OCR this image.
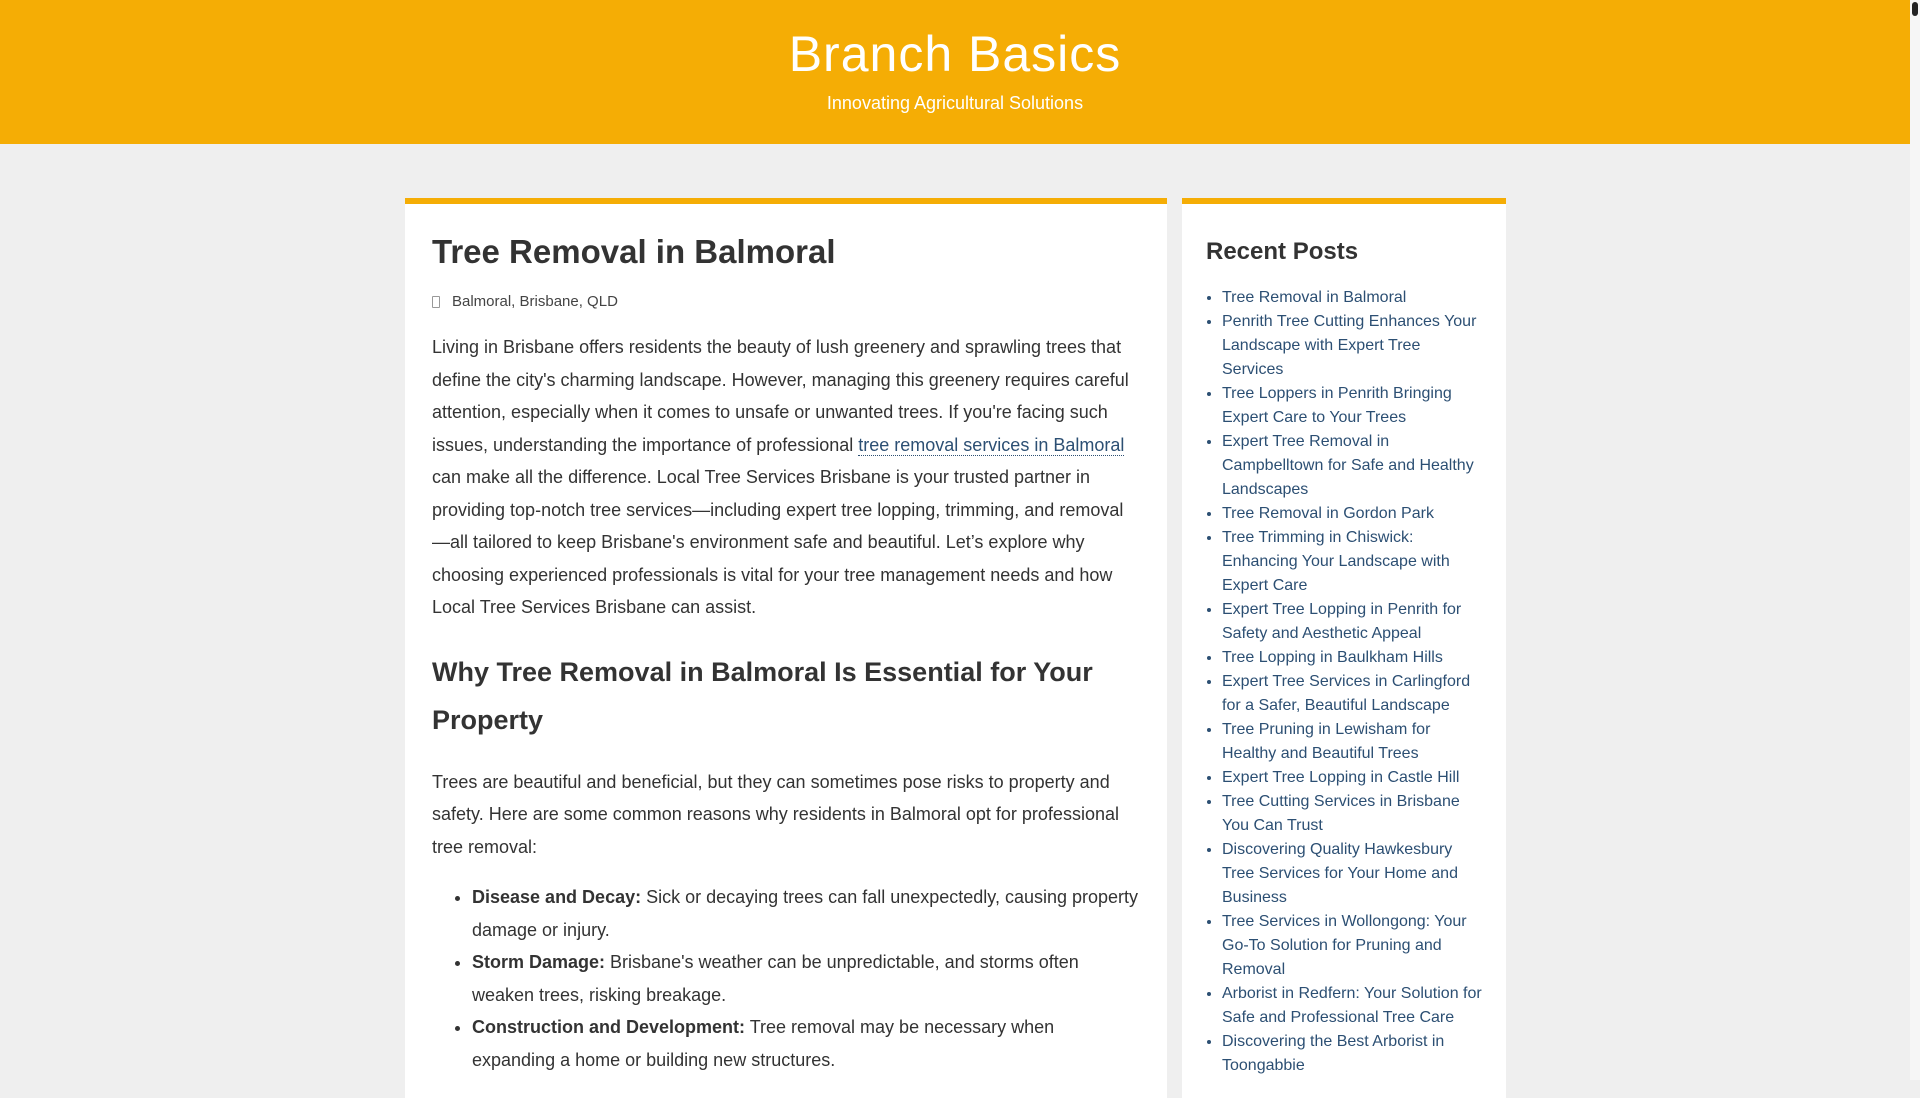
Branch Basics

Innovating Agricultural Solutions

Tree Removal in Balmoral
Balmoral, Brisbane, QLD

Living in Brisbane offers residents the beauty of lush greenery and sprawling trees that define the city's charming landscape. However, managing this greenery requires careful attention, especially when it comes to unsafe or unwanted trees. If you're facing such issues, understanding the importance of professional tree removal services in Balmoral can make all the difference. Local Tree Services Brisbane is your trusted partner in providing top-notch tree services—including expert tree lopping, trimming, and removal—all tailored to keep Brisbane's environment safe and beautiful. Let’s explore why choosing experienced professionals is vital for your tree management needs and how Local Tree Services Brisbane can assist.

Why Tree Removal in Balmoral Is Essential for Your Property

Trees are beautiful and beneficial, but they can sometimes pose risks to property and safety. Here are some common reasons why residents in Balmoral opt for professional tree removal:

• Disease and Decay: Sick or decaying trees can fall unexpectedly, causing property damage or injury.
• Storm Damage: Brisbane's weather can be unpredictable, and storms often weaken trees, risking breakage.
• Construction and Development: Tree removal may be necessary when expanding a home or building new structures.
Recent Posts
• Tree Removal in Balmoral
• Penrith Tree Cutting Enhances Your Landscape with Expert Tree Services
• Tree Loppers in Penrith Bringing Expert Care to Your Trees
• Expert Tree Removal in Campbelltown for Safe and Healthy Landscapes
• Tree Removal in Gordon Park
• Tree Trimming in Chiswick: Enhancing Your Landscape with Expert Care
• Expert Tree Lopping in Penrith for Safety and Aesthetic Appeal
• Tree Lopping in Baulkham Hills
• Expert Tree Services in Carlingford for a Safer, Beautiful Landscape
• Tree Pruning in Lewisham for Healthy and Beautiful Trees
• Expert Tree Lopping in Castle Hill
• Tree Cutting Services in Brisbane You Can Trust
• Discovering Quality Hawkesbury Tree Services for Your Home and Business
• Tree Services in Wollongong: Your Go-To Solution for Pruning and Removal
• Arborist in Redfern: Your Solution for Safe and Professional Tree Care
• Discovering the Best Arborist in Toongabbie
